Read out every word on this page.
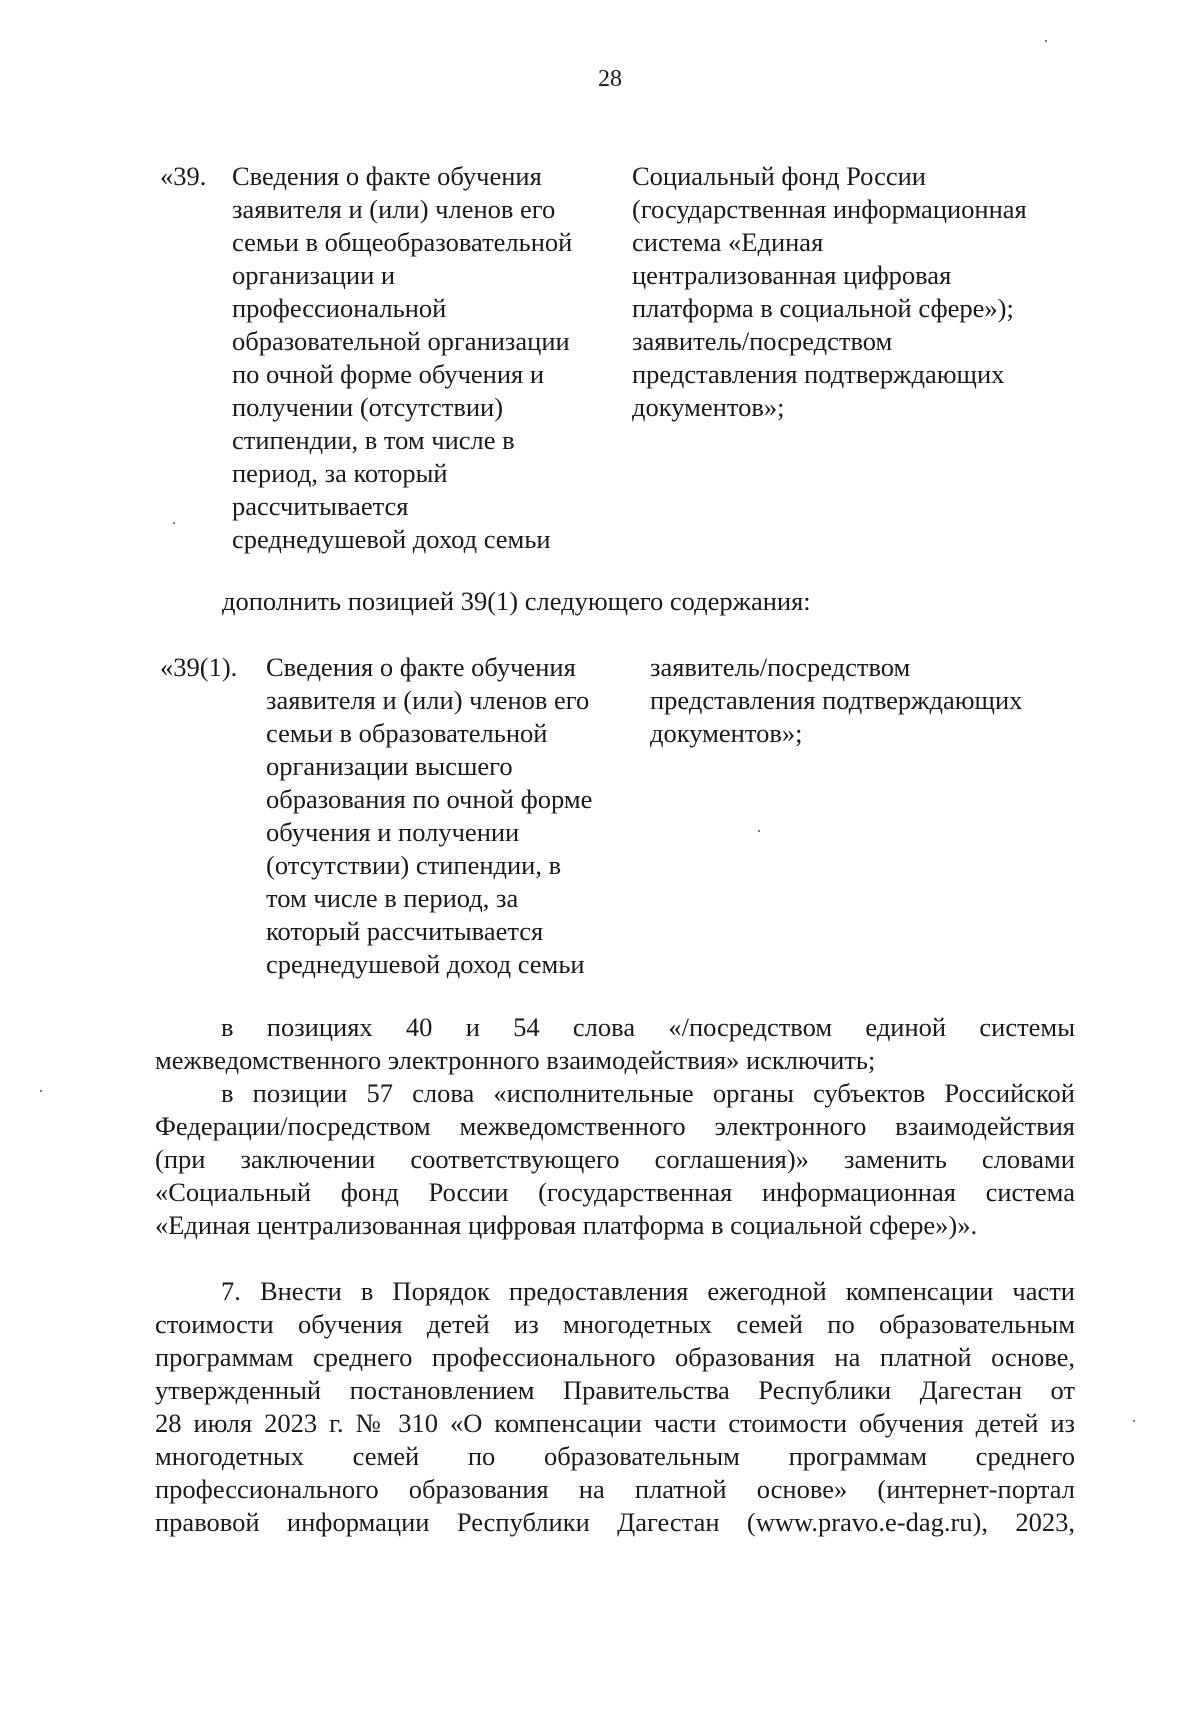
28
«39. Сведения о факте обучения
заявителя и (или) членов его
семьи в общеобразовательной
организации и
профессиональной
образовательной организации
по очной форме обучения и
получении (отсутствии)
стипендии, в том числе в
период, за который
рассчитывается
среднедушевой доход семьи
Социальный фонд России
(государственная информационная
система «Единая
централизованная цифровая
платформа в социальной сфере»);
заявитель/посредством
представления подтверждающих
документов»;
дополнить позицией 39(1) следующего содержания:
«39(1). Сведения о факте обучения
заявителя и (или) членов его
семьи в образовательной
организации высшего
образования по очной форме
обучения и получении
(отсутствии) стипендии, в
том числе в период, за
который рассчитывается
среднедушевой доход семьи
заявитель/посредством
представления подтверждающих
документов»;
в позициях 40 и 54 слова «/посредством единой системы
межведомственного электронного взаимодействия» исключить;
в позиции 57 слова «исполнительные органы субъектов Российской
Федерации/посредством межведомственного электронного взаимодействия
(при заключении соответствующего соглашения)» заменить словами
«Социальный фонд России (государственная информационная система
«Единая централизованная цифровая платформа в социальной сфере»)».
7. Внести в Порядок предоставления ежегодной компенсации части
стоимости обучения детей из многодетных семей по образовательным
программам среднего профессионального образования на платной основе,
утвержденный постановлением Правительства Республики Дагестан от
28 июля 2023 г. № 310 «О компенсации части стоимости обучения детей из
многодетных семей по образовательным программам среднего
профессионального образования на платной основе» (интернет-портал
правовой информации Республики Дагестан (www.pravo.e-dag.ru), 2023,
